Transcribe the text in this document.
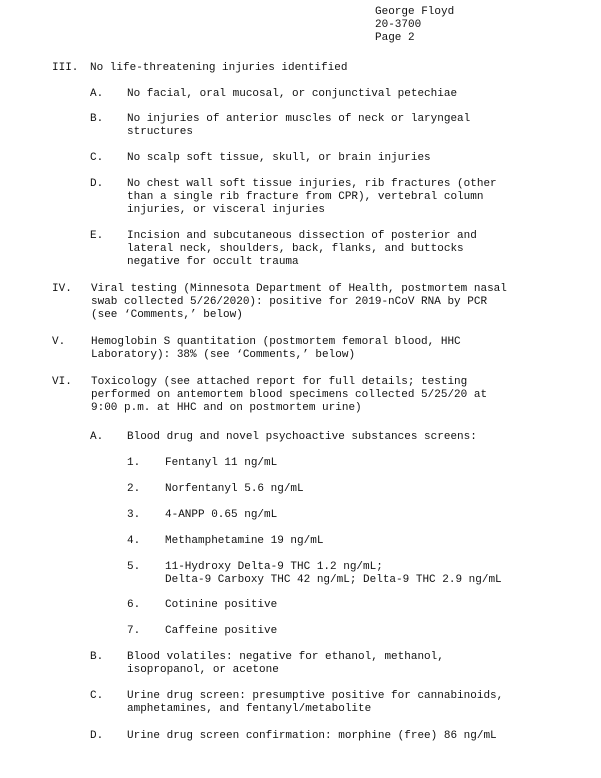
George Floyd

20-3700

Page 2

III. No life-threatening injuries identified

A. No facial, oral mucosal, or conjunctival petechiae

B. No injuries of anterior muscles of neck or laryngeal

structures

C. No scalp soft tissue, skull, or brain injuries

D. No chest wall soft tissue injuries, rib fractures (other

than a single rib fracture from CPR), vertebral column

injuries, or visceral injuries

E. Incision and subcutaneous dissection of posterior and

lateral neck, shoulders, back, flanks, and buttocks

negative for occult trauma

IV. Viral testing (Minnesota Department of Health, postmortem nasal

swab collected 5/26/2020): positive for 2019-nCoV RNA by PCR

(see ‘Comments,’ below)

V. Hemoglobin S quantitation (postmortem femoral blood, HHC

Laboratory): 38% (see ‘Comments,’ below)

VI. Toxicology (see attached report for full details; testing

performed on antemortem blood specimens collected 5/25/20 at

9:00 p.m. at HHC and on postmortem urine)

A. Blood drug and novel psychoactive substances screens:

1. Fentanyl 11 ng/mL

2. Norfentanyl 5.6 ng/mL

3. 4-ANPP 0.65 ng/mL

4. Methamphetamine 19 ng/mL

5. 11-Hydroxy Delta-9 THC 1.2 ng/mL;

Delta-9 Carboxy THC 42 ng/mL; Delta-9 THC 2.9 ng/mL

6. Cotinine positive

7. Caffeine positive

B. Blood volatiles: negative for ethanol, methanol,

isopropanol, or acetone

C. Urine drug screen: presumptive positive for cannabinoids,

amphetamines, and fentanyl/metabolite

D. Urine drug screen confirmation: morphine (free) 86 ng/mL
